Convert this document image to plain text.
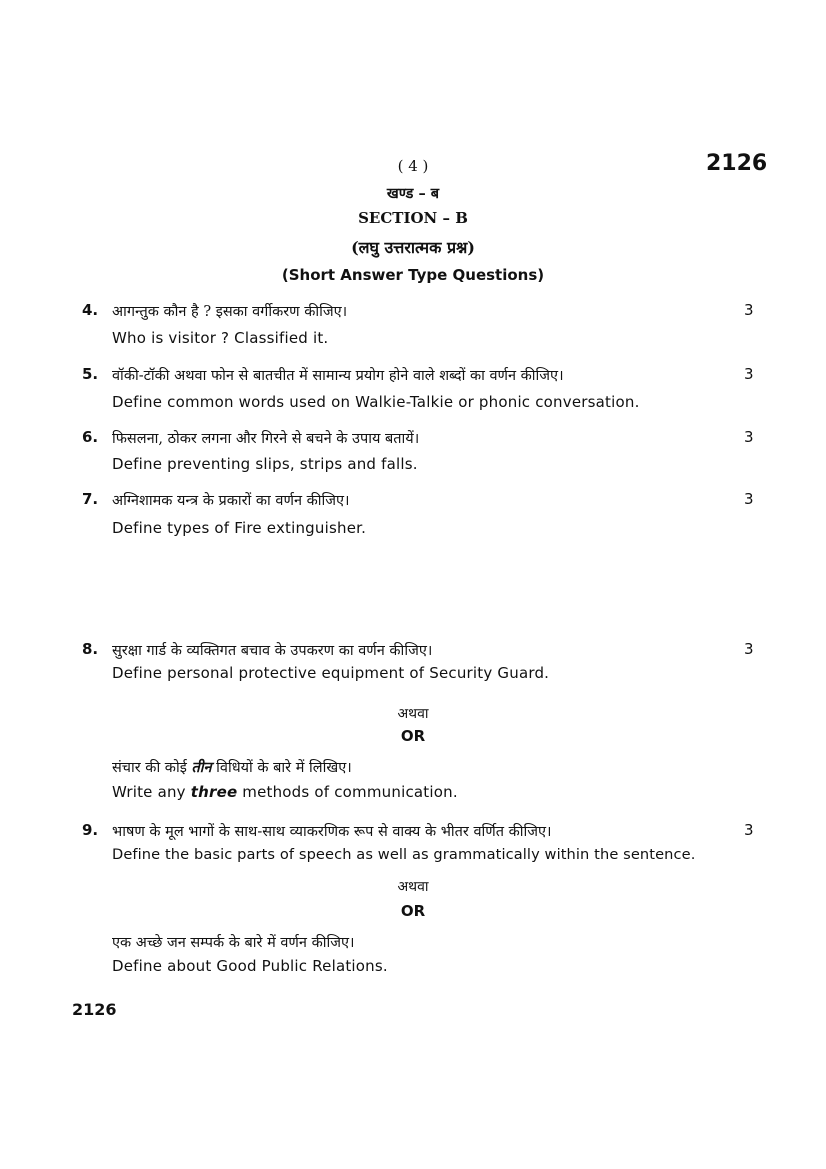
( 4 )	2126
खण्ड – ब
SECTION – B
(लघु उत्तरात्मक प्रश्न)
(Short Answer Type Questions)
4. आगन्तुक कौन है ? इसका वर्गीकरण कीजिए।	3
Who is visitor ? Classified it.
5. वॉकी-टॉकी अथवा फोन से बातचीत में सामान्य प्रयोग होने वाले शब्दों का वर्णन कीजिए।	3
Define common words used on Walkie-Talkie or phonic conversation.
6. फिसलना, ठोकर लगना और गिरने से बचने के उपाय बतायें।	3
Define preventing slips, strips and falls.
7. अग्निशामक यन्त्र के प्रकारों का वर्णन कीजिए।	3
Define types of Fire extinguisher.
8. सुरक्षा गार्ड के व्यक्तिगत बचाव के उपकरण का वर्णन कीजिए।	3
Define personal protective equipment of Security Guard.
अथवा
OR
संचार की कोई तीन विधियों के बारे में लिखिए।
Write any three methods of communication.
9. भाषण के मूल भागों के साथ-साथ व्याकरणिक रूप से वाक्य के भीतर वर्णित कीजिए।	3
Define the basic parts of speech as well as grammatically within the sentence.
अथवा
OR
एक अच्छे जन सम्पर्क के बारे में वर्णन कीजिए।
Define about Good Public Relations.
2126
